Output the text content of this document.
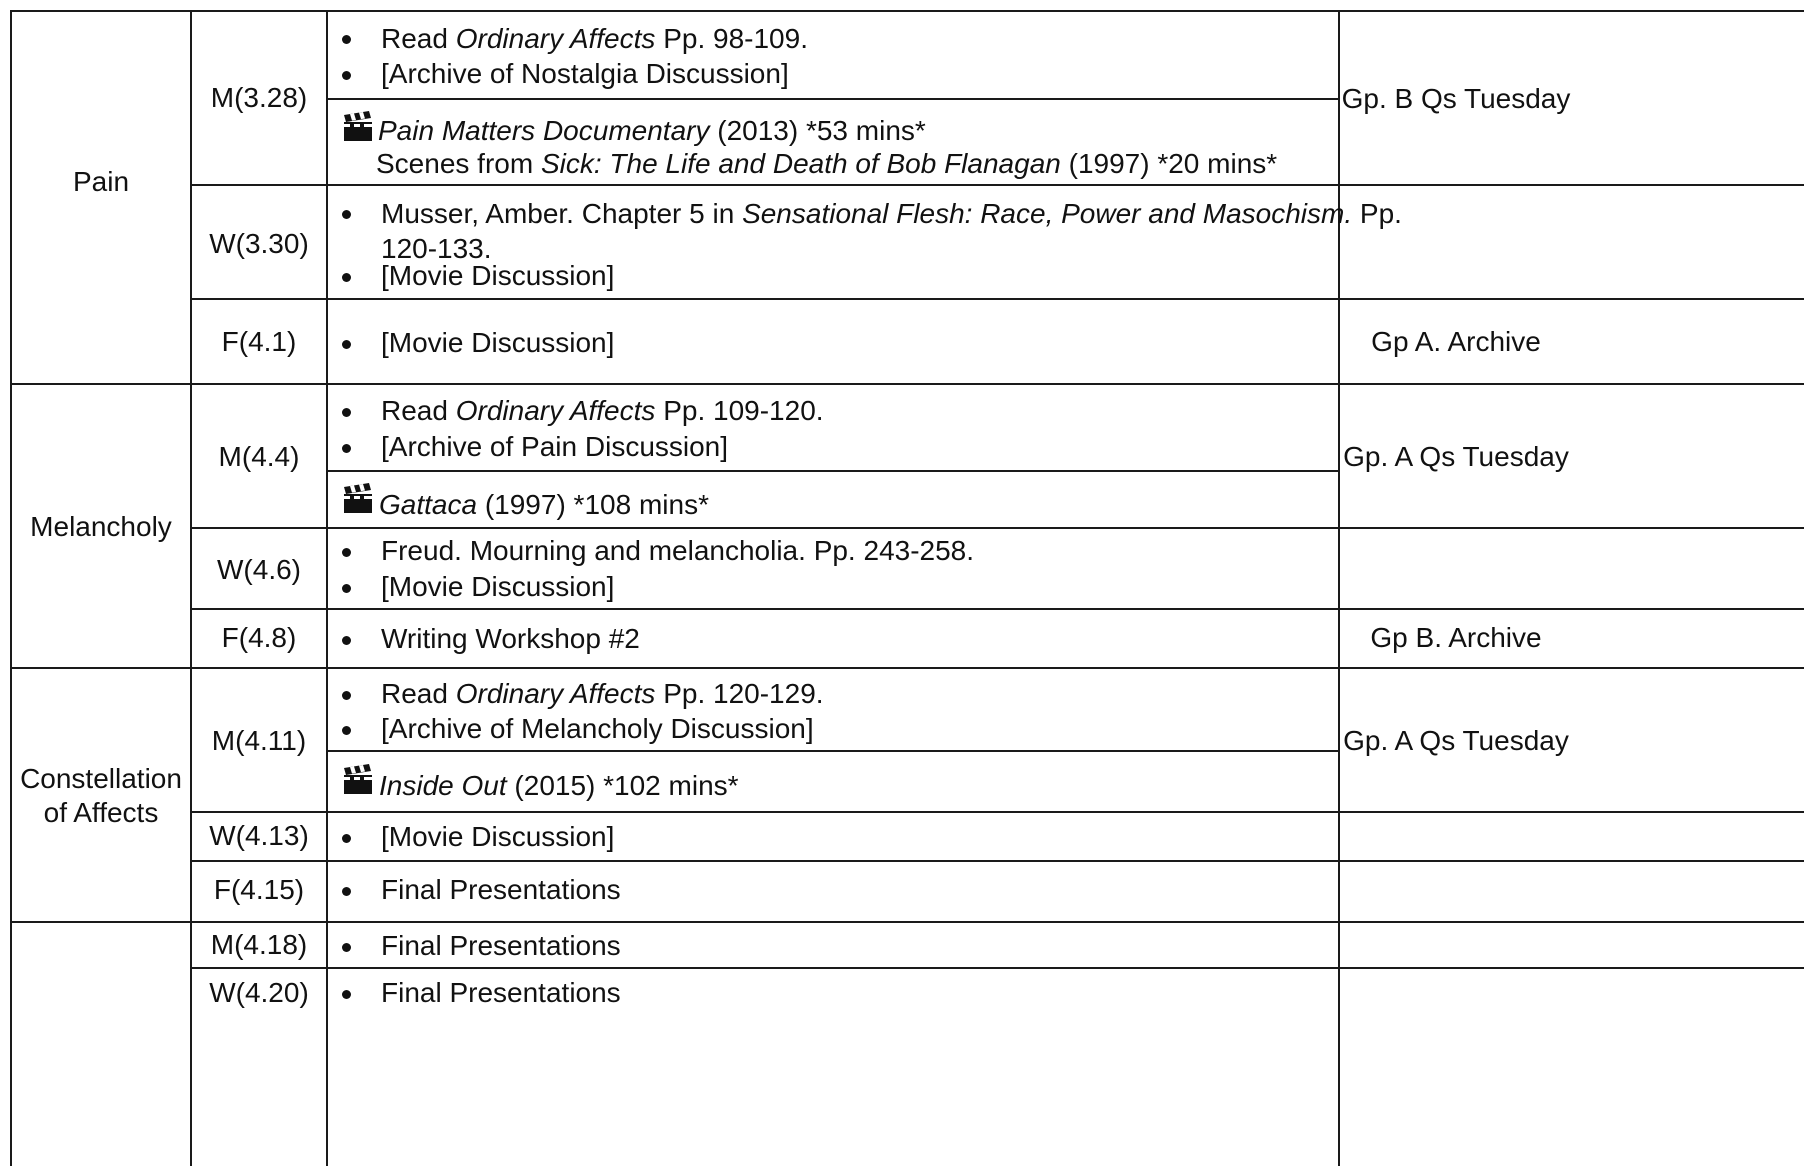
Pain
Melancholy
Constellation
of Affects
M(3.28)
W(3.30)
F(4.1)
M(4.4)
W(4.6)
F(4.8)
M(4.11)
W(4.13)
F(4.15)
M(4.18)
W(4.20)
Gp. B Qs Tuesday
Gp A. Archive
Gp. A Qs Tuesday
Gp B. Archive
Gp. A Qs Tuesday
Read Ordinary Affects Pp. 98-109.
[Archive of Nostalgia Discussion]
Pain Matters Documentary (2013) *53 mins*
Scenes from Sick: The Life and Death of Bob Flanagan (1997) *20 mins*
Musser, Amber. Chapter 5 in Sensational Flesh: Race, Power and Masochism. Pp.
120-133.
[Movie Discussion]
[Movie Discussion]
Read Ordinary Affects Pp. 109-120.
[Archive of Pain Discussion]
Gattaca (1997) *108 mins*
Freud. Mourning and melancholia. Pp. 243-258.
[Movie Discussion]
Writing Workshop #2
Read Ordinary Affects Pp. 120-129.
[Archive of Melancholy Discussion]
Inside Out (2015) *102 mins*
[Movie Discussion]
Final Presentations
Final Presentations
Final Presentations
